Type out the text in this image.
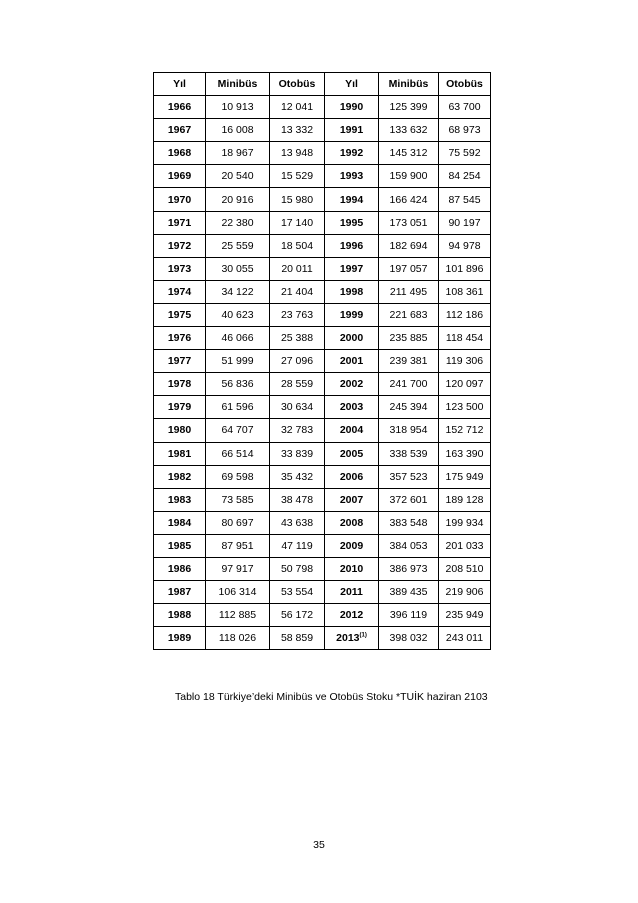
Yıl	Minibüs	Otobüs	Yıl	Minibüs	Otobüs
1966	10 913	12 041	1990	125 399	63 700
1967	16 008	13 332	1991	133 632	68 973
1968	18 967	13 948	1992	145 312	75 592
1969	20 540	15 529	1993	159 900	84 254
1970	20 916	15 980	1994	166 424	87 545
1971	22 380	17 140	1995	173 051	90 197
1972	25 559	18 504	1996	182 694	94 978
1973	30 055	20 011	1997	197 057	101 896
1974	34 122	21 404	1998	211 495	108 361
1975	40 623	23 763	1999	221 683	112 186
1976	46 066	25 388	2000	235 885	118 454
1977	51 999	27 096	2001	239 381	119 306
1978	56 836	28 559	2002	241 700	120 097
1979	61 596	30 634	2003	245 394	123 500
1980	64 707	32 783	2004	318 954	152 712
1981	66 514	33 839	2005	338 539	163 390
1982	69 598	35 432	2006	357 523	175 949
1983	73 585	38 478	2007	372 601	189 128
1984	80 697	43 638	2008	383 548	199 934
1985	87 951	47 119	2009	384 053	201 033
1986	97 917	50 798	2010	386 973	208 510
1987	106 314	53 554	2011	389 435	219 906
1988	112 885	56 172	2012	396 119	235 949
1989	118 026	58 859	2013$^{(1)}$	398 032	243 011
Tablo 18 Türkiye’deki Minibüs ve Otobüs Stoku *TUİK haziran 2103
35
